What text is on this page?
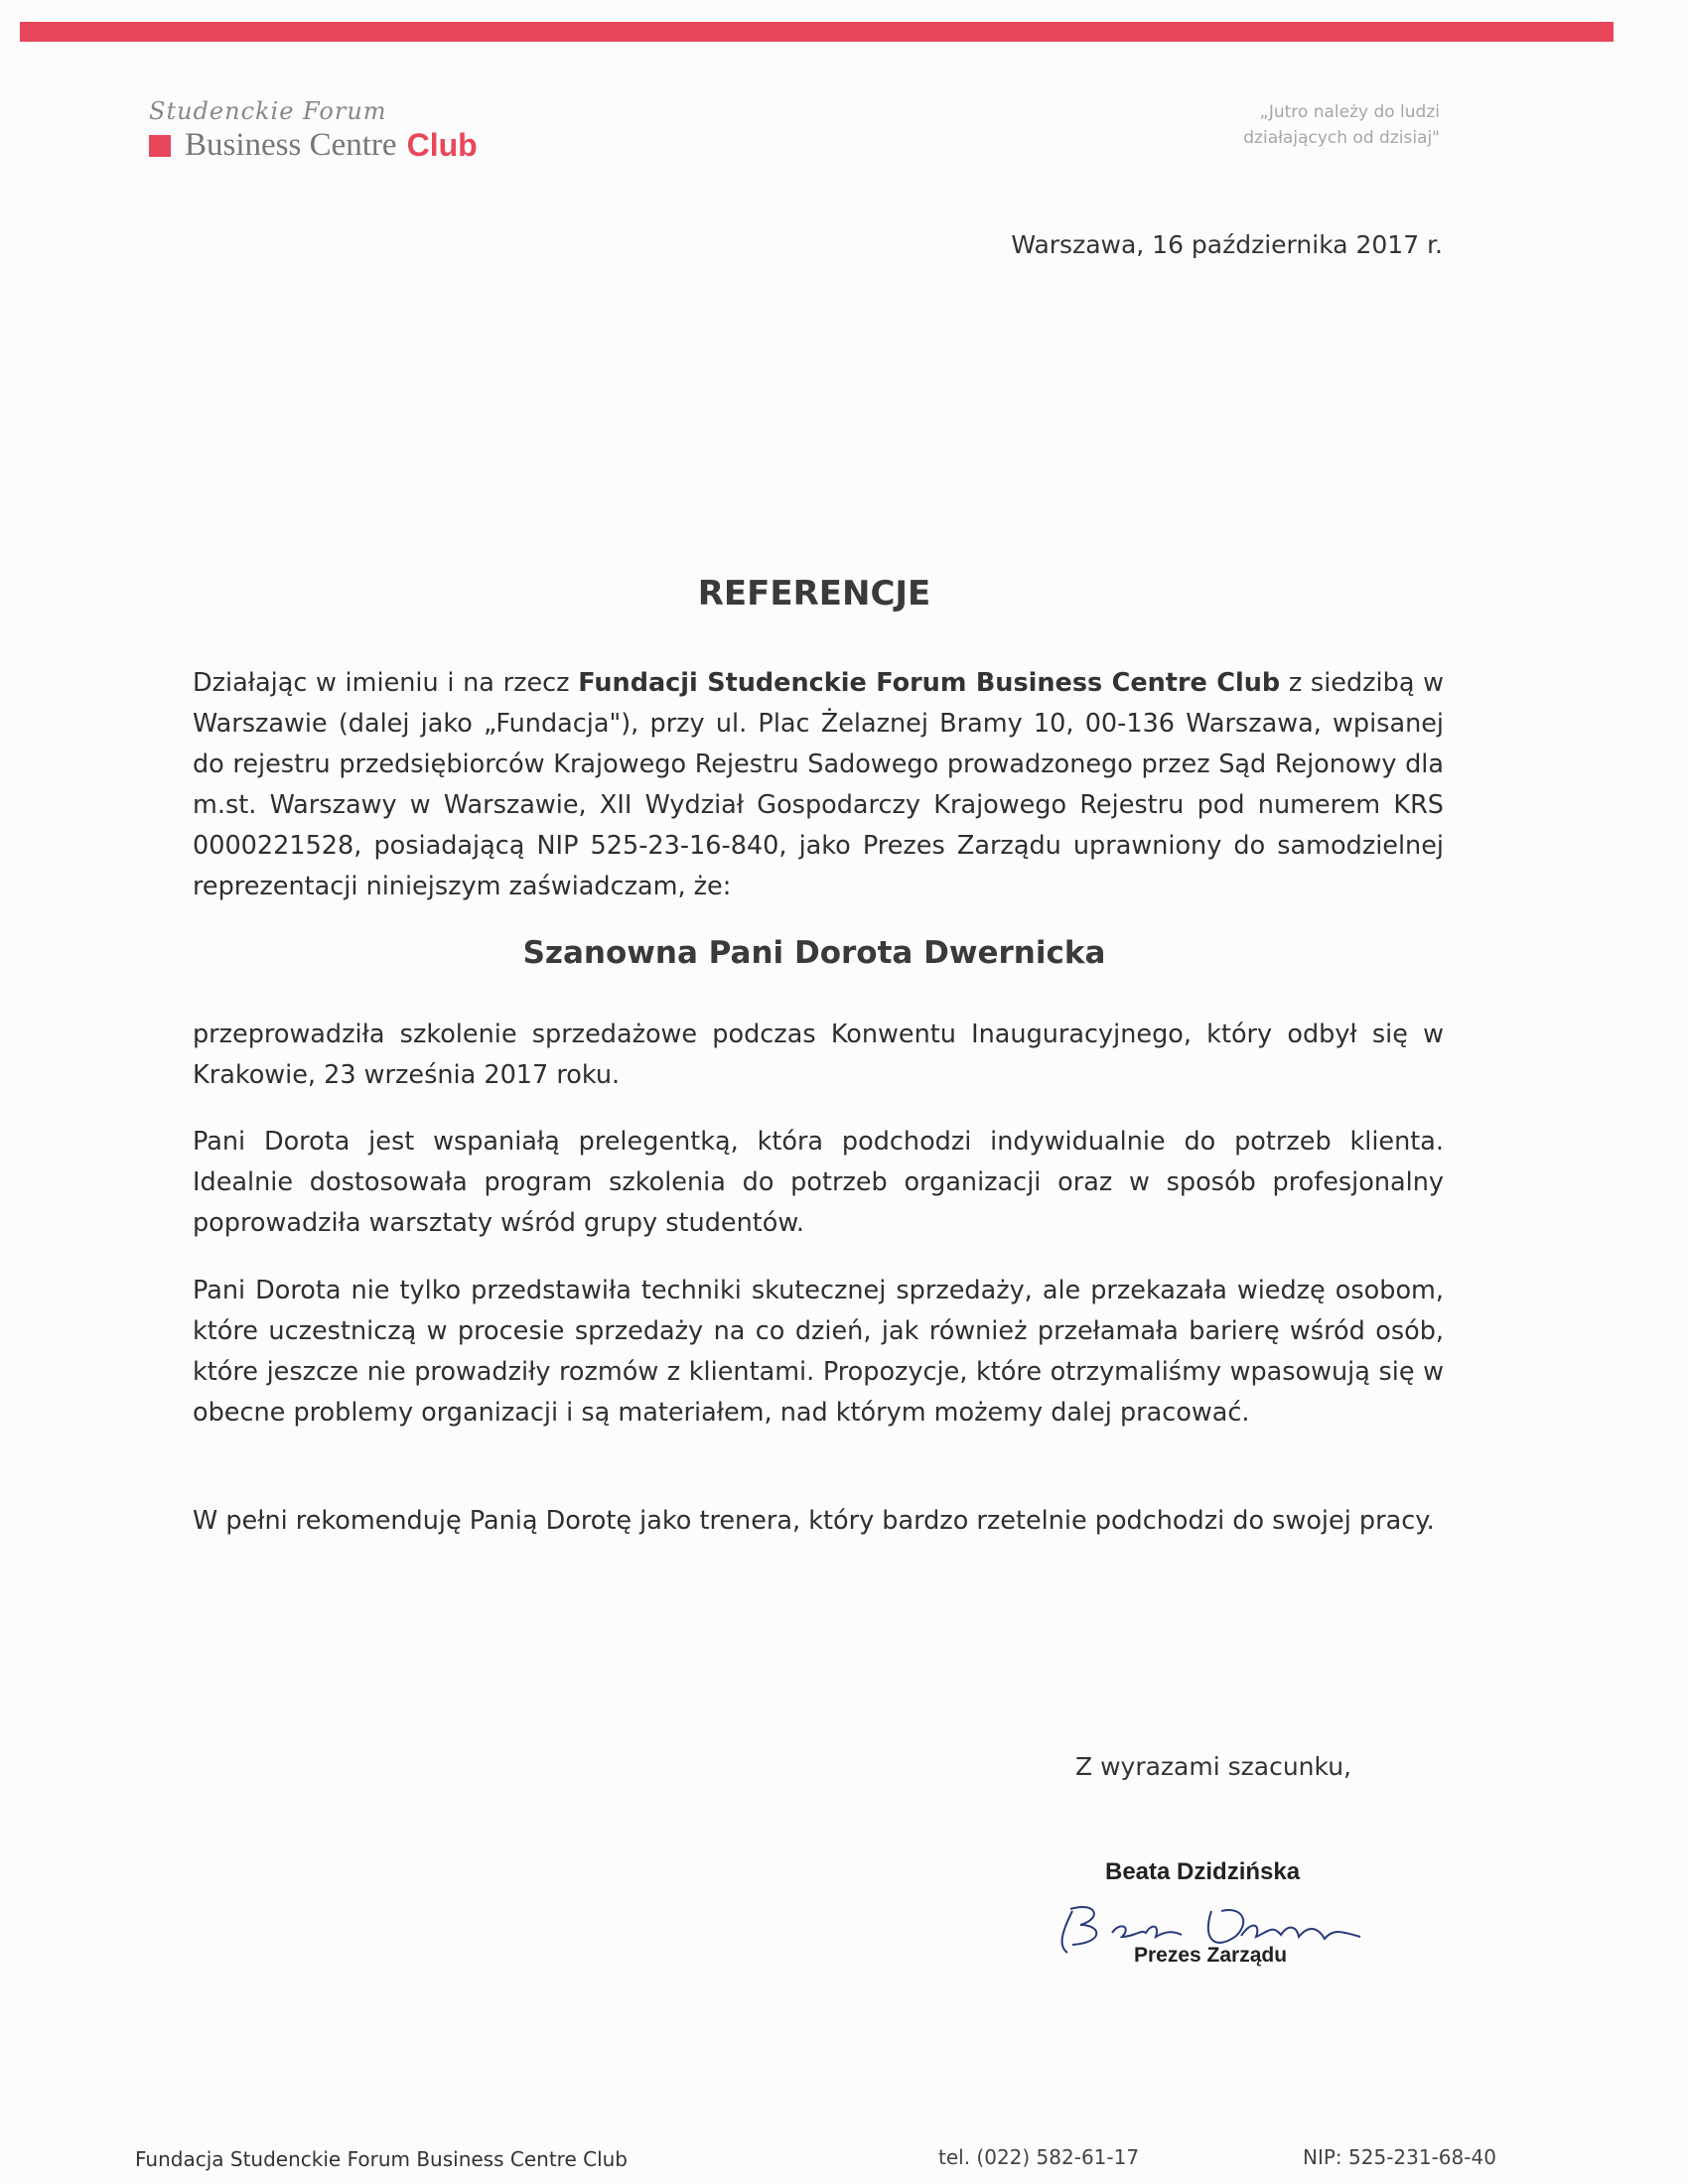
Studenckie Forum
Business Centre Club
„Jutro należy do ludzi
działających od dzisiaj"
Warszawa, 16 października 2017 r.
REFERENCJE
Działając w imieniu i na rzecz Fundacji Studenckie Forum Business Centre Club z siedzibą w Warszawie (dalej jako „Fundacja"), przy ul. Plac Żelaznej Bramy 10, 00-136 Warszawa, wpisanej do rejestru przedsiębiorców Krajowego Rejestru Sadowego prowadzonego przez Sąd Rejonowy dla m.st. Warszawy w Warszawie, XII Wydział Gospodarczy Krajowego Rejestru pod numerem KRS 0000221528, posiadającą NIP 525-23-16-840, jako Prezes Zarządu uprawniony do samodzielnej reprezentacji niniejszym zaświadczam, że:
Szanowna Pani Dorota Dwernicka
przeprowadziła szkolenie sprzedażowe podczas Konwentu Inauguracyjnego, który odbył się w Krakowie, 23 września 2017 roku.
Pani Dorota jest wspaniałą prelegentką, która podchodzi indywidualnie do potrzeb klienta. Idealnie dostosowała program szkolenia do potrzeb organizacji oraz w sposób profesjonalny poprowadziła warsztaty wśród grupy studentów.
Pani Dorota nie tylko przedstawiła techniki skutecznej sprzedaży, ale przekazała wiedzę osobom, które uczestniczą w procesie sprzedaży na co dzień, jak również przełamała barierę wśród osób, które jeszcze nie prowadziły rozmów z klientami. Propozycje, które otrzymaliśmy wpasowują się w obecne problemy organizacji i są materiałem, nad którym możemy dalej pracować.
W pełni rekomenduję Panią Dorotę jako trenera, który bardzo rzetelnie podchodzi do swojej pracy.
Z wyrazami szacunku,
Beata Dzidzińska
Prezes Zarządu
Fundacja Studenckie Forum Business Centre Club	tel. (022) 582-61-17	NIP: 525-231-68-40
